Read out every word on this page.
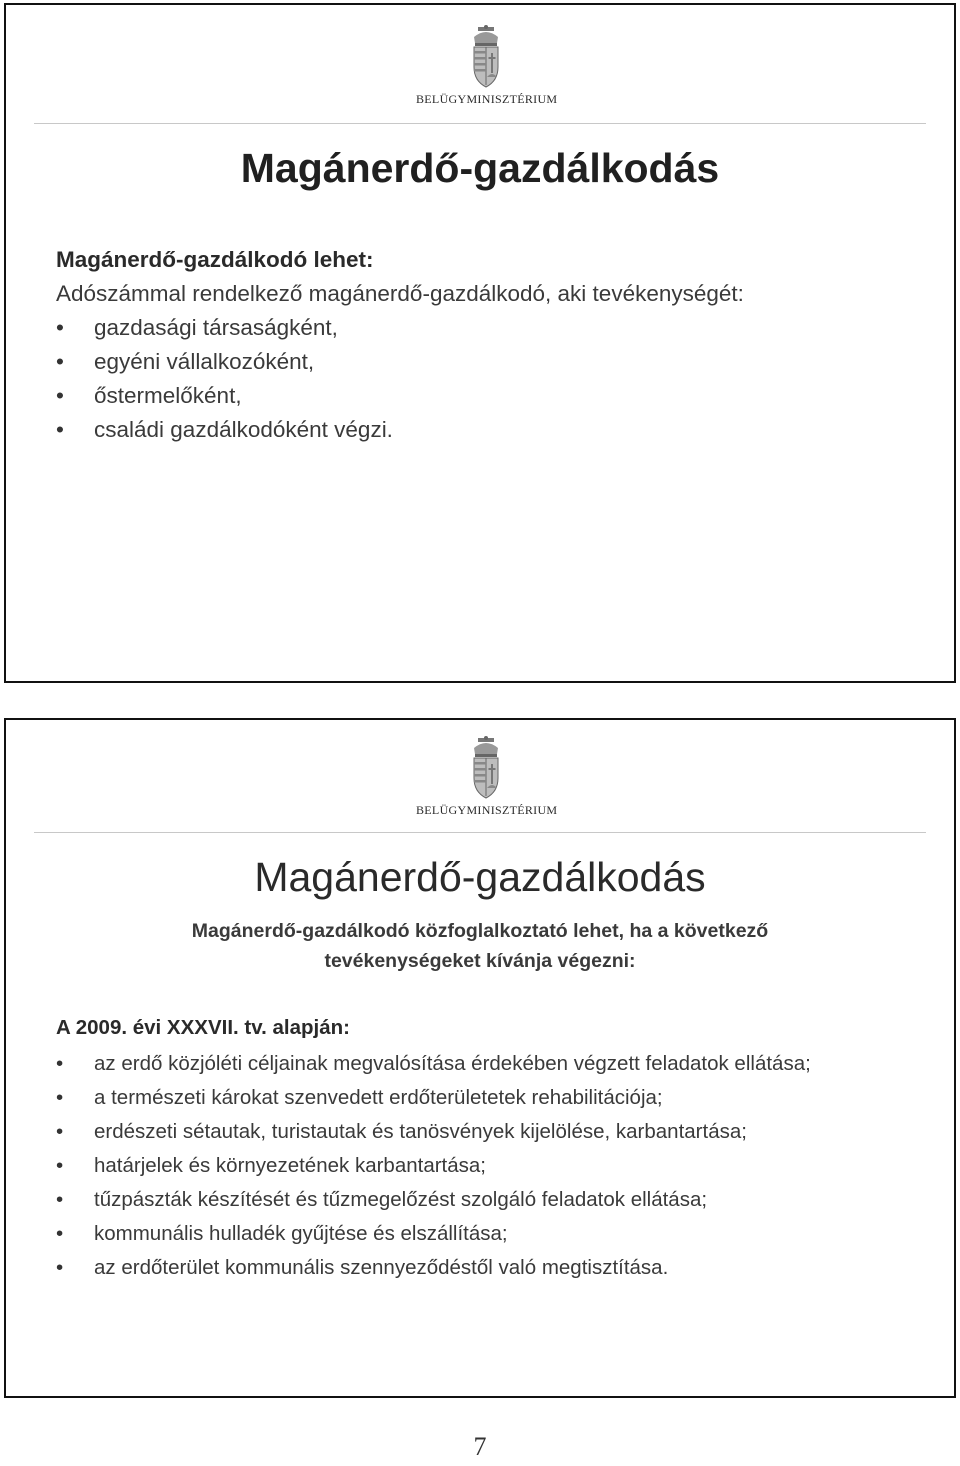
BELÜGYMINISZTÉRIUM
Magánerdő-gazdálkodás
Magánerdő-gazdálkodó lehet:
Adószámmal rendelkező magánerdő-gazdálkodó, aki tevékenységét:
• gazdasági társaságként,
• egyéni vállalkozóként,
• őstermelőként,
• családi gazdálkodóként végzi.
BELÜGYMINISZTÉRIUM
Magánerdő-gazdálkodás
Magánerdő-gazdálkodó közfoglalkoztató lehet, ha a következő
tevékenységeket kívánja végezni:
A 2009. évi XXXVII. tv. alapján:
• az erdő közjóléti céljainak megvalósítása érdekében végzett feladatok ellátása;
• a természeti károkat szenvedett erdőterületetek rehabilitációja;
• erdészeti sétautak, turistautak és tanösvények kijelölése, karbantartása;
• határjelek és környezetének karbantartása;
• tűzpászták készítését és tűzmegelőzést szolgáló feladatok ellátása;
• kommunális hulladék gyűjtése és elszállítása;
• az erdőterület kommunális szennyeződéstől való megtisztítása.
7
